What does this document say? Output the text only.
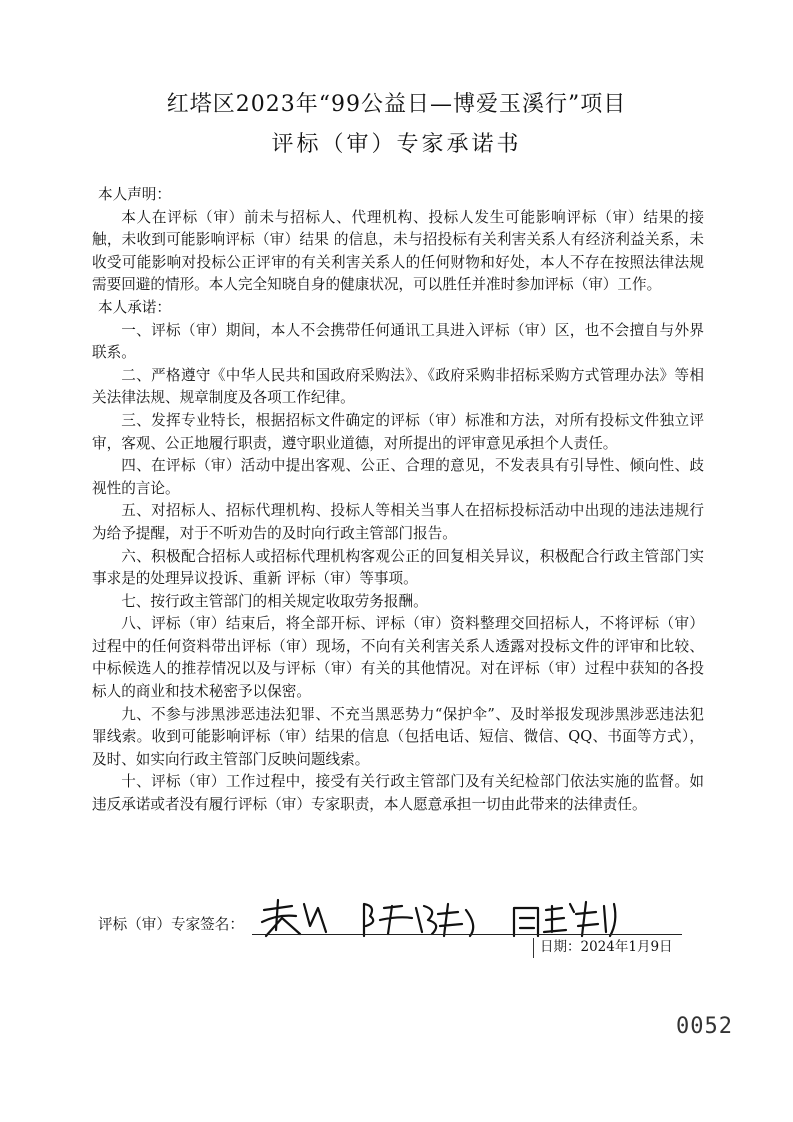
红塔区2023年“99公益日—博爱玉溪行”项目
评标（审）专家承诺书

本人声明：

本人在评标（审）前未与招标人、代理机构、投标人发生可能影响评标（审）结果的接触，未收到可能影响评标（审）结果 的信息，未与招投标有关利害关系人有经济利益关系，未收受可能影响对投标公正评审的有关利害关系人的任何财物和好处，本人不存在按照法律法规需要回避的情形。本人完全知晓自身的健康状况，可以胜任并准时参加评标（审）工作。

本人承诺：

一、评标（审）期间，本人不会携带任何通讯工具进入评标（审）区，也不会擅自与外界联系。

二、严格遵守《中华人民共和国政府采购法》、《政府采购非招标采购方式管理办法》等相关法律法规、规章制度及各项工作纪律。

三、发挥专业特长，根据招标文件确定的评标（审）标准和方法，对所有投标文件独立评审，客观、公正地履行职责，遵守职业道德，对所提出的评审意见承担个人责任。

四、在评标（审）活动中提出客观、公正、合理的意见，不发表具有引导性、倾向性、歧视性的言论。

五、对招标人、招标代理机构、投标人等相关当事人在招标投标活动中出现的违法违规行为给予提醒，对于不听劝告的及时向行政主管部门报告。

六、积极配合招标人或招标代理机构客观公正的回复相关异议，积极配合行政主管部门实事求是的处理异议投诉、重新 评标（审）等事项。

七、按行政主管部门的相关规定收取劳务报酬。

八、评标（审）结束后，将全部开标、评标（审）资料整理交回招标人，不将评标（审）过程中的任何资料带出评标（审）现场，不向有关利害关系人透露对投标文件的评审和比较、中标候选人的推荐情况以及与评标（审）有关的其他情况。对在评标（审）过程中获知的各投标人的商业和技术秘密予以保密。

九、不参与涉黑涉恶违法犯罪、不充当黑恶势力“保护伞”、及时举报发现涉黑涉恶违法犯罪线索。收到可能影响评标（审）结果的信息（包括电话、短信、微信、QQ、书面等方式），及时、如实向行政主管部门反映问题线索。

十、评标（审）工作过程中，接受有关行政主管部门及有关纪检部门依法实施的监督。如违反承诺或者没有履行评标（审）专家职责，本人愿意承担一切由此带来的法律责任。

评标（审）专家签名：
日期：2024年1月9日
0052
